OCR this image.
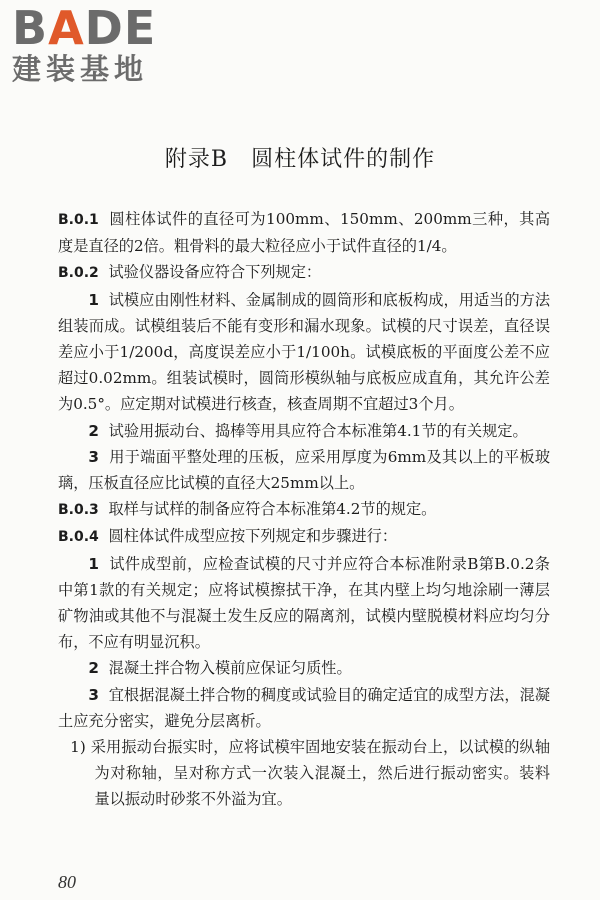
BADE
建装基地
附录B　圆柱体试件的制作

B.0.1 圆柱体试件的直径可为100mm、150mm、200mm三种，其高度是直径的2倍。粗骨料的最大粒径应小于试件直径的1/4。

B.0.2 试验仪器设备应符合下列规定：

1 试模应由刚性材料、金属制成的圆筒形和底板构成，用适当的方法组装而成。试模组装后不能有变形和漏水现象。试模的尺寸误差，直径误差应小于1/200d，高度误差应小于1/100h。试模底板的平面度公差不应超过0.02mm。组装试模时，圆筒形模纵轴与底板应成直角，其允许公差为0.5°。应定期对试模进行核查，核查周期不宜超过3个月。

2 试验用振动台、捣棒等用具应符合本标准第4.1节的有关规定。

3 用于端面平整处理的压板，应采用厚度为6mm及其以上的平板玻璃，压板直径应比试模的直径大25mm以上。

B.0.3 取样与试样的制备应符合本标准第4.2节的规定。

B.0.4 圆柱体试件成型应按下列规定和步骤进行：

1 试件成型前，应检查试模的尺寸并应符合本标准附录B第B.0.2条中第1款的有关规定；应将试模擦拭干净，在其内壁上均匀地涂刷一薄层矿物油或其他不与混凝土发生反应的隔离剂，试模内壁脱模材料应均匀分布，不应有明显沉积。

2 混凝土拌合物入模前应保证匀质性。

3 宜根据混凝土拌合物的稠度或试验目的确定适宜的成型方法，混凝土应充分密实，避免分层离析。

1) 采用振动台振实时，应将试模牢固地安装在振动台上，以试模的纵轴为对称轴，呈对称方式一次装入混凝土，然后进行振动密实。装料量以振动时砂浆不外溢为宜。

80
